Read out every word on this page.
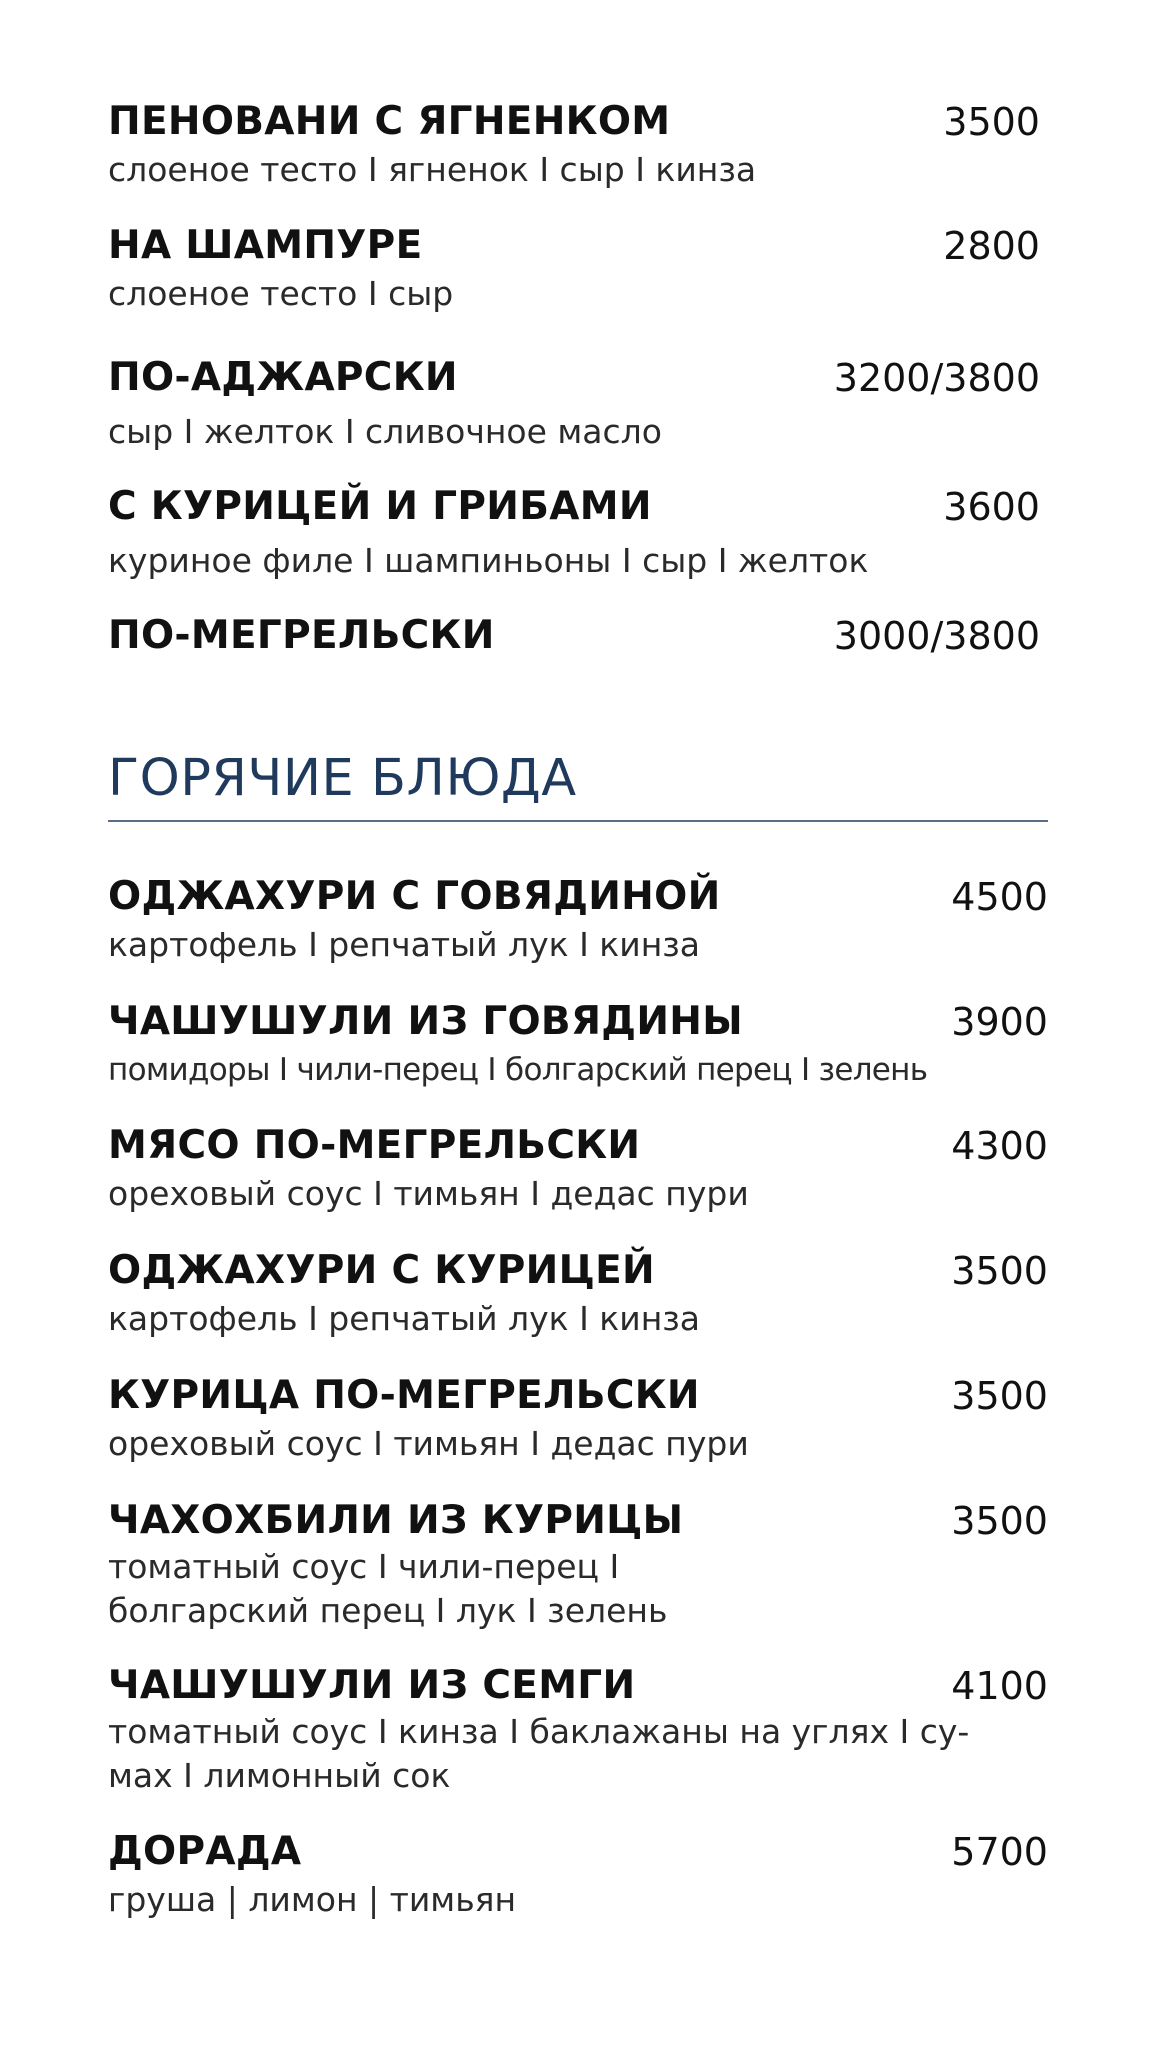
ПЕНОВАНИ С ЯГНЕНКОМ	3500
слоеное тесто I ягненок I сыр I кинза
НА ШАМПУРЕ	2800
слоеное тесто I сыр
ПО-АДЖАРСКИ	3200/3800
сыр I желток I сливочное масло
С КУРИЦЕЙ И ГРИБАМИ	3600
куриное филе I шампиньоны I сыр I желток
ПО-МЕГРЕЛЬСКИ	3000/3800
ГОРЯЧИЕ БЛЮДА
ОДЖАХУРИ С ГОВЯДИНОЙ	4500
картофель I репчатый лук I кинза
ЧАШУШУЛИ ИЗ ГОВЯДИНЫ	3900
помидоры I чили-перец I болгарский перец I зелень
МЯСО ПО-МЕГРЕЛЬСКИ	4300
ореховый соус I тимьян I дедас пури
ОДЖАХУРИ С КУРИЦЕЙ	3500
картофель I репчатый лук I кинза
КУРИЦА ПО-МЕГРЕЛЬСКИ	3500
ореховый соус I тимьян I дедас пури
ЧАХОХБИЛИ ИЗ КУРИЦЫ	3500
томатный соус I чили-перец I
болгарский перец I лук I зелень
ЧАШУШУЛИ ИЗ СЕМГИ	4100
томатный соус I кинза I баклажаны на углях I су-
мах I лимонный сок
ДОРАДА	5700
груша | лимон | тимьян
